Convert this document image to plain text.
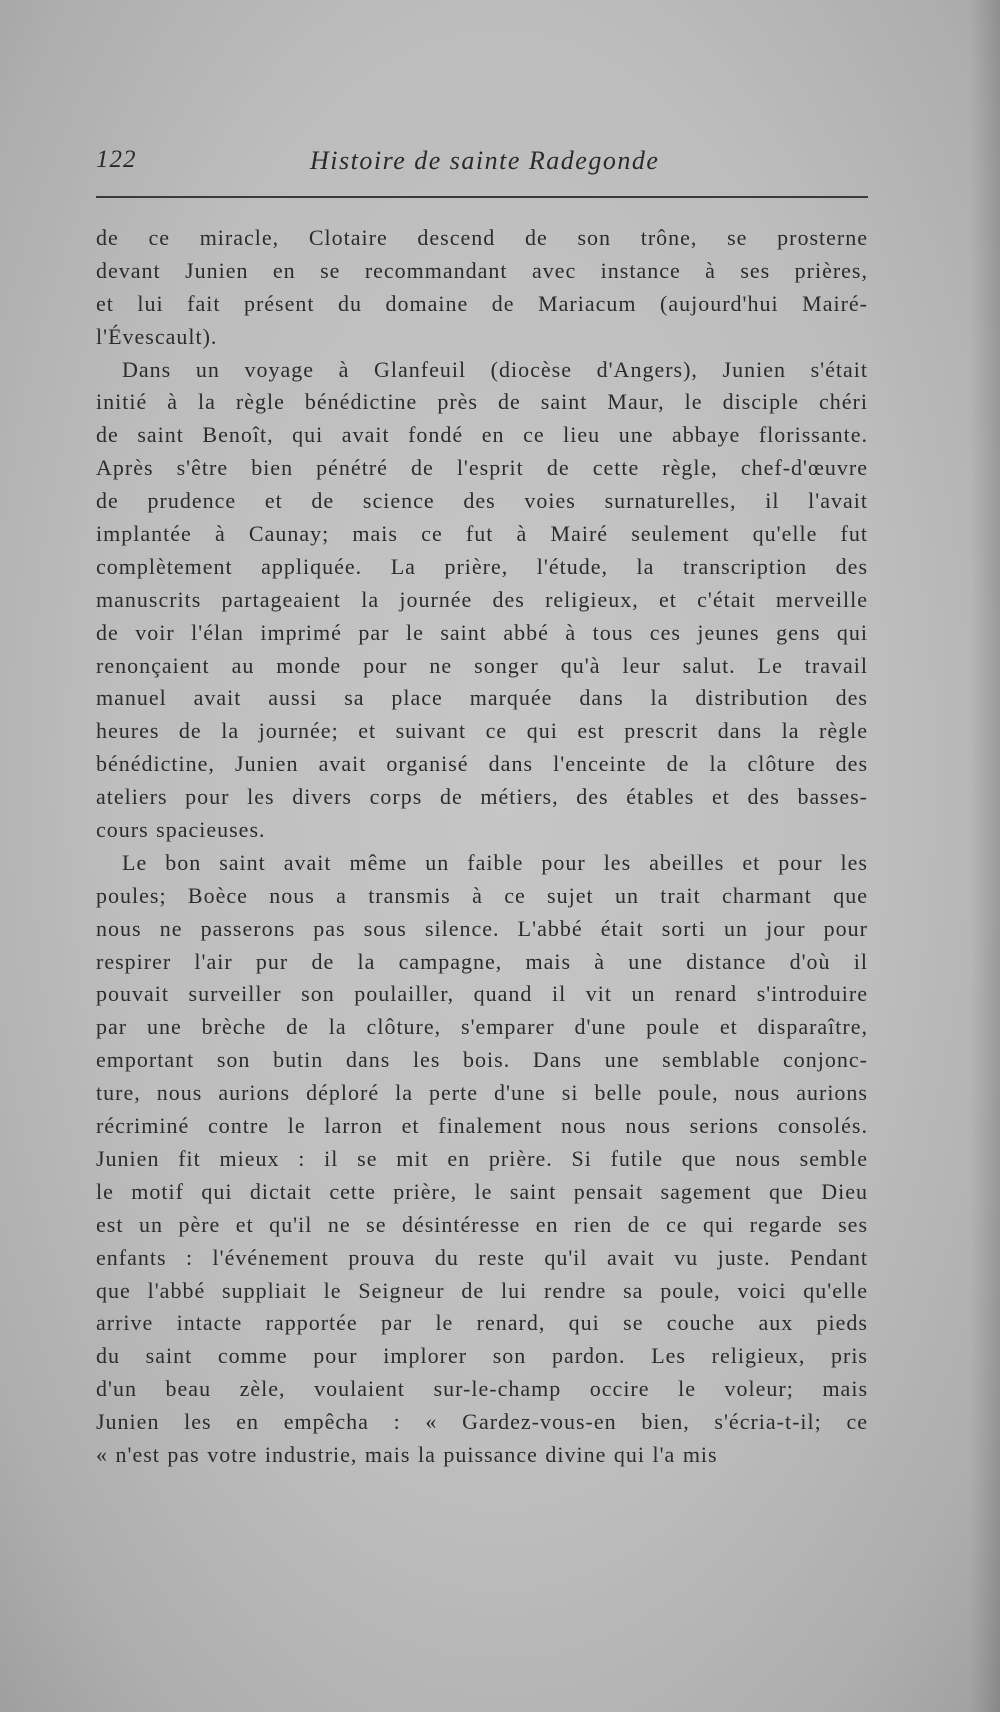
122	Histoire de sainte Radegonde
de ce miracle, Clotaire descend de son trône, se prosterne
devant Junien en se recommandant avec instance à ses prières,
et lui fait présent du domaine de Mariacum (aujourd'hui Mairé-
l'Évescault).
Dans un voyage à Glanfeuil (diocèse d'Angers), Junien s'était
initié à la règle bénédictine près de saint Maur, le disciple chéri
de saint Benoît, qui avait fondé en ce lieu une abbaye florissante.
Après s'être bien pénétré de l'esprit de cette règle, chef-d'œuvre
de prudence et de science des voies surnaturelles, il l'avait
implantée à Caunay; mais ce fut à Mairé seulement qu'elle fut
complètement appliquée. La prière, l'étude, la transcription des
manuscrits partageaient la journée des religieux, et c'était merveille
de voir l'élan imprimé par le saint abbé à tous ces jeunes gens qui
renonçaient au monde pour ne songer qu'à leur salut. Le travail
manuel avait aussi sa place marquée dans la distribution des
heures de la journée; et suivant ce qui est prescrit dans la règle
bénédictine, Junien avait organisé dans l'enceinte de la clôture des
ateliers pour les divers corps de métiers, des étables et des basses-
cours spacieuses.
Le bon saint avait même un faible pour les abeilles et pour les
poules; Boèce nous a transmis à ce sujet un trait charmant que
nous ne passerons pas sous silence. L'abbé était sorti un jour pour
respirer l'air pur de la campagne, mais à une distance d'où il
pouvait surveiller son poulailler, quand il vit un renard s'introduire
par une brèche de la clôture, s'emparer d'une poule et disparaître,
emportant son butin dans les bois. Dans une semblable conjonc-
ture, nous aurions déploré la perte d'une si belle poule, nous aurions
récriminé contre le larron et finalement nous nous serions consolés.
Junien fit mieux : il se mit en prière. Si futile que nous semble
le motif qui dictait cette prière, le saint pensait sagement que Dieu
est un père et qu'il ne se désintéresse en rien de ce qui regarde ses
enfants : l'événement prouva du reste qu'il avait vu juste. Pendant
que l'abbé suppliait le Seigneur de lui rendre sa poule, voici qu'elle
arrive intacte rapportée par le renard, qui se couche aux pieds
du saint comme pour implorer son pardon. Les religieux, pris
d'un beau zèle, voulaient sur-le-champ occire le voleur; mais
Junien les en empêcha : « Gardez-vous-en bien, s'écria-t-il; ce
« n'est pas votre industrie, mais la puissance divine qui l'a mis
